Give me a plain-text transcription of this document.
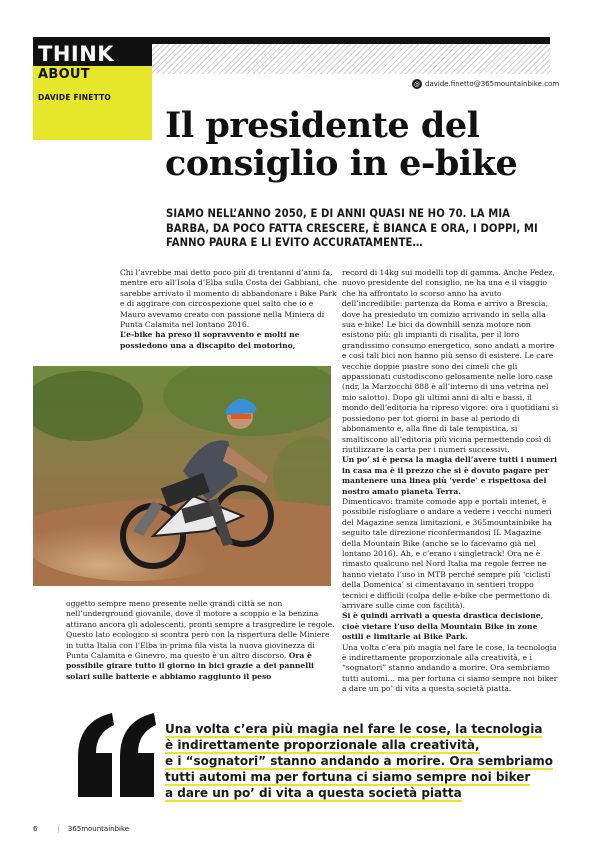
THINK
ABOUT
DAVIDE FINETTO
@ davide.finetto@365mountainbike.com
Il presidente del
consiglio in e-bike
SIAMO NELL’ANNO 2050, E DI ANNI QUASI NE HO 70. LA MIA BARBA, DA POCO FATTA CRESCERE, È BIANCA E ORA, I DOPPI, MI FANNO PAURA E LI EVITO ACCURATAMENTE…

Chi l’avrebbe mai detto poco più di trentanni d’anni fa, mentre ero all’Isola d’Elba sulla Costa dei Gabbiani, che sarebbe arrivato il momento di abbandonare i Bike Park e di aggirare con circospezione quel salto che io e Mauro avevamo creato con passione nella Miniera di Punta Calamita nel lontano 2016.

L’e-bike ha preso il sopravvento e molti ne possiedono una a discapito del motorino,

oggetto sempre meno presente nelle grandi città se non nell’underground giovanile, dove il motore a scoppio e la benzina attirano ancora gli adolescenti, pronti sempre a trasgredire le regole. Questo lato ecologico si scontra però con la rispertura delle Miniere in tutta Italia con l’Elba in prima fila vista la nuova giovinezza di Punta Calamita e Ginevro, ma questo è un altro discorso. Ora è possibile girare tutto il giorno in bici grazie a dei pannelli solari sulle batterie e abbiamo raggiunto il peso

record di 14kg sui modelli top di gamma. Anche Fedez, nuovo presidente del consiglio, ne ha una e il viaggio che ha affrontato lo scorso anno ha avuto dell’incredibile: partenza da Roma e arrivo a Brescia, dove ha presieduto un comizio arrivando in sella alla sua e-bike! Le bici da downhill senza motore non esistono più: gli impianti di risalita, per il loro grandissimo consumo energetico, sono andati a morire e così tali bici non hanno più senso di esistere. Le care vecchie doppie piastre sono dei cimeli che gli appassionati custodiscono gelosamente nelle loro case (ndr, la Marzocchi 888 è all’interno di una vetrina nel mio salotto). Dopo gli ultimi anni di alti e bassi, il mondo dell’editoria ha ripreso vigore: ora i quotidiani si possiedono per tot giorni in base al periodo di abbonamento e, alla fine di tale tempistica, si smaltiscono all’editoria più vicina permettendo così di riutilizzare la carta per i numeri successivi.

Un po’ si è persa la magia dell’avere tutti i numeri in casa ma è il prezzo che si è dovuto pagare per mantenere una linea più ‘verde’ e rispettosa del nostro amato pianeta Terra.

Dimenticavo: tramite comode app e portali intenet, è possibile risfogliare o andare a vedere i vecchi numeri del Magazine senza limitazioni, e 365mountainbike ha seguito tale direzione riconfermandosi IL Magazine della Mountain Bike (anche se lo facevamo già nel lontano 2016). Ah, e c’erano i singletrack! Ora ne è rimasto qualcuno nel Nord Italia ma regole ferree ne hanno vietato l’uso in MTB perché sempre più ‘ciclisti della Domenica’ si cimentavano in sentieri troppo tecnici e difficili (colpa delle e-bike che permettono di arrivare sulle cime con facilità).

Si è quindi arrivati a questa drastica decisione, cioè vietare l’uso della Mountain Bike in zone ostili e limitarle ai Bike Park.

Una volta c’era più magia nel fare le cose, la tecnologia è indirettamente proporzionale alla creatività, e i “sognatori” stanno andando a morire. Ora sembriamo tutti automi… ma per fortuna ci siamo sempre noi biker a dare un po’ di vita a questa società piatta.

Una volta c’era più magia nel fare le cose, la tecnologia
è indirettamente proporzionale alla creatività,
e i “sognatori” stanno andando a morire. Ora sembriamo
tutti automi ma per fortuna ci siamo sempre noi biker
a dare un po’ di vita a questa società piatta
6	| 365mountainbike
